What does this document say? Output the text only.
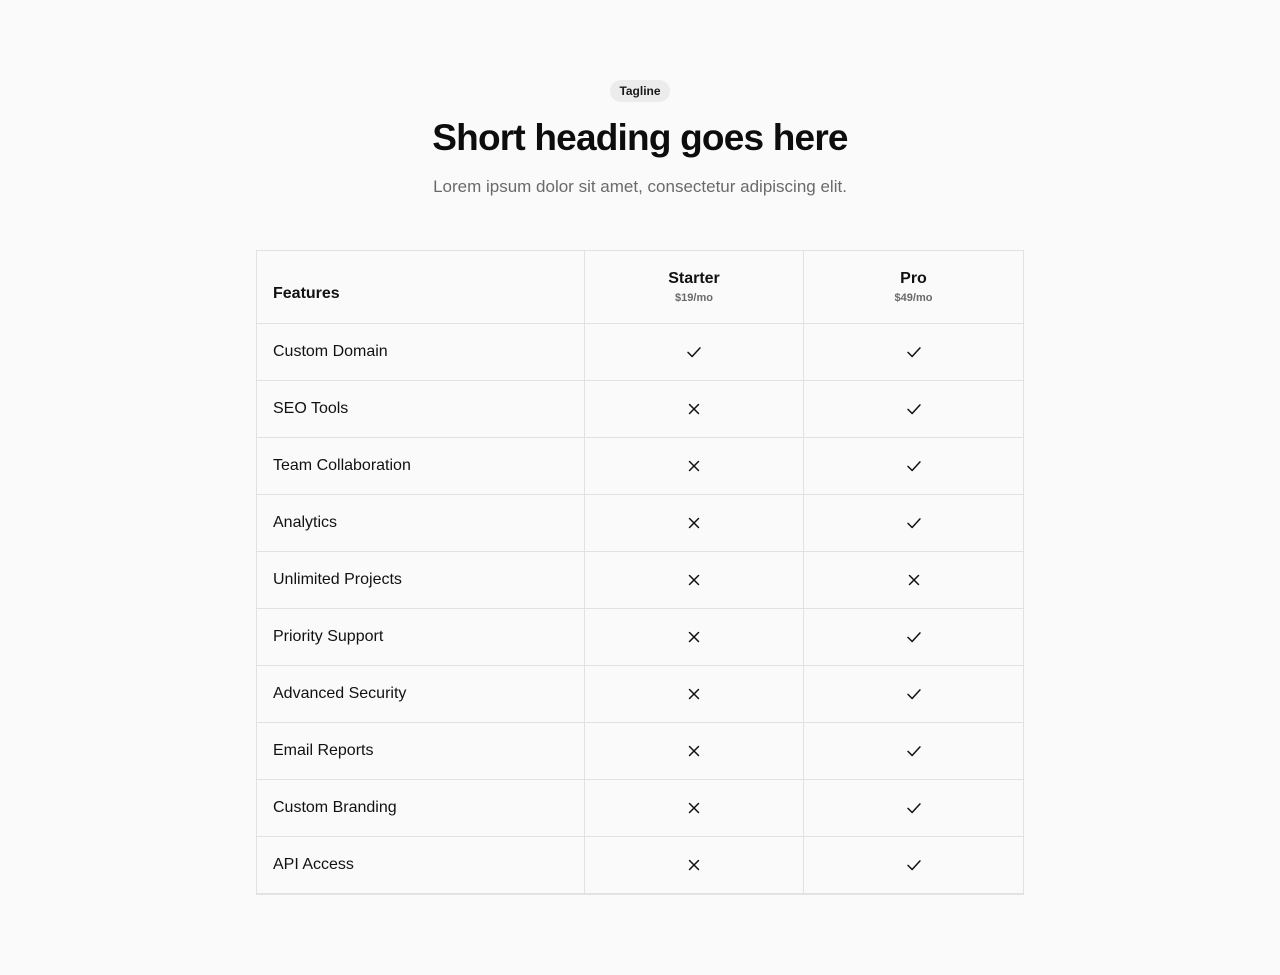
Tagline
Short heading goes here

Lorem ipsum dolor sit amet, consectetur adipiscing elit.

Features
Starter
$19/mo
Pro
$49/mo
Custom Domain
SEO Tools
Team Collaboration
Analytics
Unlimited Projects
Priority Support
Advanced Security
Email Reports
Custom Branding
API Access
